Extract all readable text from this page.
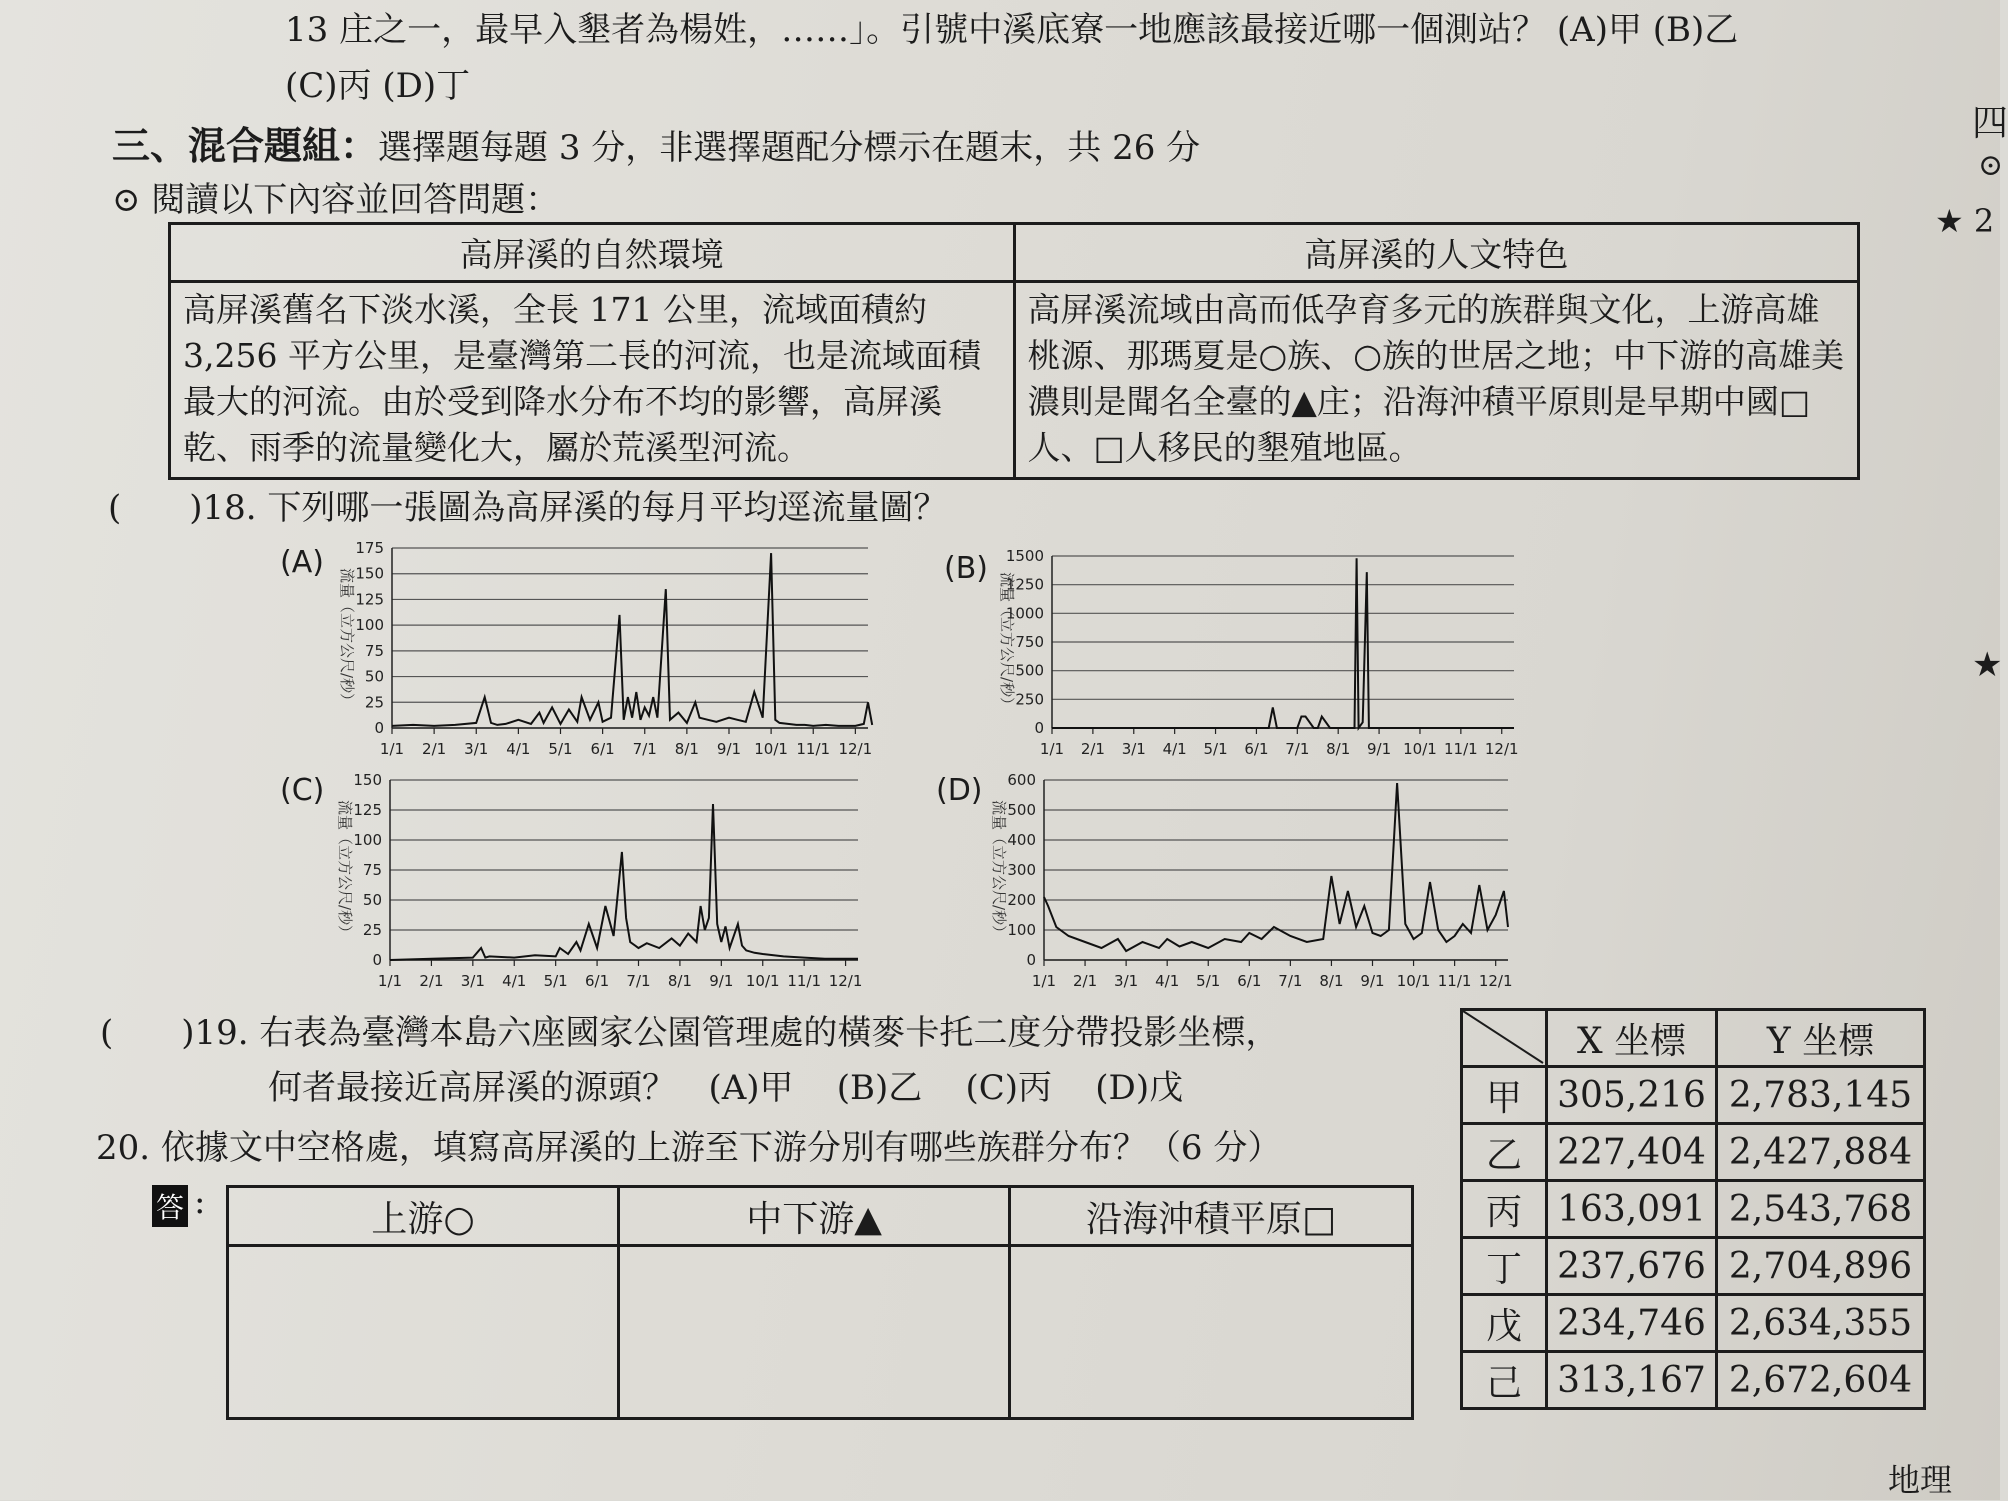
13 庄之一，最早入墾者為楊姓，……」。引號中溪底寮一地應該最接近哪一個測站？ (A)甲 (B)乙
(C)丙 (D)丁
三、混合題組：選擇題每題 3 分，非選擇題配分標示在題末，共 26 分
⊙ 閱讀以下內容並回答問題：
高屏溪的自然環境	高屏溪的人文特色
高屏溪舊名下淡水溪，全長 171 公里，流域面積約 3,256 平方公里，是臺灣第二長的河流，也是流域面積最大的河流。由於受到降水分布不均的影響，高屏溪乾、雨季的流量變化大，屬於荒溪型河流。	高屏溪流域由高而低孕育多元的族群與文化，上游高雄桃源、那瑪夏是○族、○族的世居之地；中下游的高雄美濃則是聞名全臺的▲庄；沿海沖積平原則是早期中國□人、□人移民的墾殖地區。
(　　)18. 下列哪一張圖為高屏溪的每月平均逕流量圖？
(A)
流量（立方公尺/秒）
0
25
50
75
100
125
150
175
1/1 2/1 3/1 4/1 5/1 6/1 7/1 8/1 9/1 10/1 11/1 12/1
(B)
流量（立方公尺/秒）
0
250
500
750
1000
1250
1500
1/1 2/1 3/1 4/1 5/1 6/1 7/1 8/1 9/1 10/1 11/1 12/1
(C)
流量（立方公尺/秒）
0
25
50
75
100
125
150
1/1 2/1 3/1 4/1 5/1 6/1 7/1 8/1 9/1 10/1 11/1 12/1
(D)
流量（立方公尺/秒）
0
100
200
300
400
500
600
1/1 2/1 3/1 4/1 5/1 6/1 7/1 8/1 9/1 10/1 11/1 12/1
(　　)19. 右表為臺灣本島六座國家公園管理處的橫麥卡托二度分帶投影坐標，
何者最接近高屏溪的源頭？ (A)甲 (B)乙 (C)丙 (D)戊
	X 坐標	Y 坐標
甲	305,216	2,783,145
乙	227,404	2,427,884
丙	163,091	2,543,768
丁	237,676	2,704,896
戊	234,746	2,634,355
己	313,167	2,672,604
20. 依據文中空格處，填寫高屏溪的上游至下游分別有哪些族群分布？（6 分）
答 :	上游○	中下游▲	沿海沖積平原□

四
⊙
★ 2
★
地理
